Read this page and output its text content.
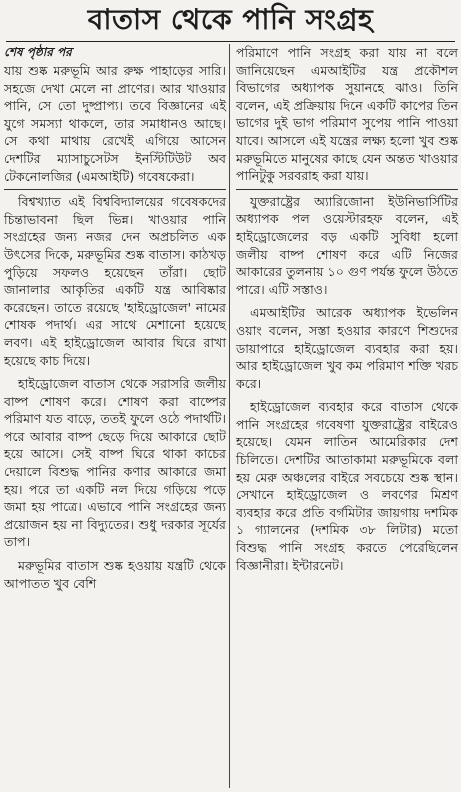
বাতাস থেকে পানি সংগ্রহ
শেষ পৃষ্ঠার পর

যায় শুষ্ক মরুভূমি আর রুক্ষ পাহাড়ের সারি। সহজে দেখা মেলে না প্রাণের। আর খাওয়ার পানি, সে তো দুষ্প্রাপ্য। তবে বিজ্ঞানের এই যুগে সমস্যা থাকলে, তার সমাধানও আছে। সে কথা মাথায় রেখেই এগিয়ে আসেন দেশটির ম্যাসাচুসেটস ইনস্টিটিউট অব টেকনোলজির (এমআইটি) গবেষকেরা।

বিশ্বখ্যাত এই বিশ্ববিদ্যালয়ের গবেষকদের চিন্তাভাবনা ছিল ভিন্ন। খাওয়ার পানি সংগ্রহের জন্য নজর দেন অপ্রচলিত এক উৎসের দিকে, মরুভূমির শুষ্ক বাতাস। কাঠখড় পুড়িয়ে সফলও হয়েছেন তাঁরা। ছোট জানালার আকৃতির একটি যন্ত্র আবিষ্কার করেছেন। তাতে রয়েছে 'হাইড্রোজেল' নামের শোষক পদার্থ। এর সাথে মেশানো হয়েছে লবণ। এই হাইড্রোজেল আবার ঘিরে রাখা হয়েছে কাচ দিয়ে।

হাইড্রোজেল বাতাস থেকে সরাসরি জলীয় বাষ্প শোষণ করে। শোষণ করা বাষ্পের পরিমাণ যত বাড়ে, ততই ফুলে ওঠে পদার্থটি। পরে আবার বাষ্প ছেড়ে দিয়ে আকারে ছোট হয়ে আসে। সেই বাষ্প ঘিরে থাকা কাচের দেয়ালে বিশুদ্ধ পানির কণার আকারে জমা হয়। পরে তা একটি নল দিয়ে গড়িয়ে পড়ে জমা হয় পাত্রে। এভাবে পানি সংগ্রহের জন্য প্রয়োজন হয় না বিদ্যুতের। শুধু দরকার সূর্যের তাপ।

মরুভূমির বাতাস শুষ্ক হওয়ায় যন্ত্রটি থেকে আপাতত খুব বেশি

পরিমাণে পানি সংগ্রহ করা যায় না বলে জানিয়েছেন এমআইটির যন্ত্র প্রকৌশল বিভাগের অধ্যাপক সুয়ানহে ঝাও। তিনি বলেন, এই প্রক্রিয়ায় দিনে একটি কাপের তিন ভাগের দুই ভাগ পরিমাণ সুপেয় পানি পাওয়া যাবে। আসলে এই যন্ত্রের লক্ষ্য হলো খুব শুষ্ক মরুভূমিতে মানুষের কাছে যেন অন্তত খাওয়ার পানিটুকু সরবরাহ করা যায়।

যুক্তরাষ্ট্রের অ্যারিজোনা ইউনিভার্সিটির অধ্যাপক পল ওয়েস্টারহফ বলেন, এই হাইড্রোজেলের বড় একটি সুবিধা হলো জলীয় বাষ্প শোষণ করে এটি নিজের আকারের তুলনায় ১০ গুণ পর্যন্ত ফুলে উঠতে পারে। এটি সস্তাও।

এমআইটির আরেক অধ্যাপক ইভেলিন ওয়াং বলেন, সস্তা হওয়ার কারণে শিশুদের ডায়াপারে হাইড্রোজেল ব্যবহার করা হয়। আর হাইড্রোজেল খুব কম পরিমাণ শক্তি খরচ করে।

হাইড্রোজেল ব্যবহার করে বাতাস থেকে পানি সংগ্রহের গবেষণা যুক্তরাষ্ট্রের বাইরেও হয়েছে। যেমন লাতিন আমেরিকার দেশ চিলিতে। দেশটির আতাকামা মরুভূমিকে বলা হয় মেরু অঞ্চলের বাইরে সবচেয়ে শুষ্ক স্থান। সেখানে হাইড্রোজেল ও লবণের মিশ্রণ ব্যবহার করে প্রতি বর্গমিটার জায়গায় দশমিক ১ গ্যালনের (দশমিক ৩৮ লিটার) মতো বিশুদ্ধ পানি সংগ্রহ করতে পেরেছিলেন বিজ্ঞানীরা। ইন্টারনেট।
